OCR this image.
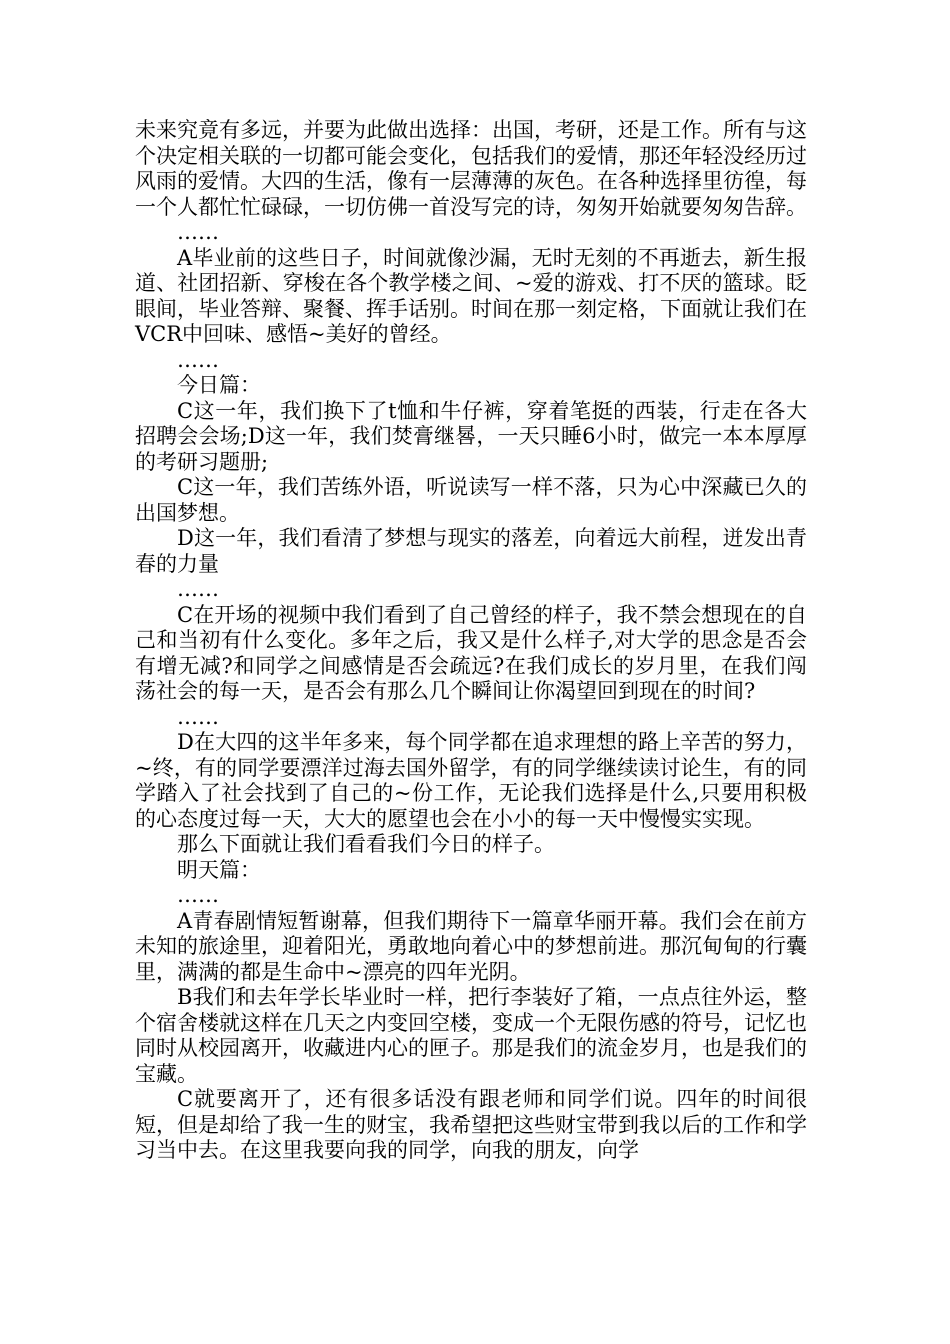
未来究竟有多远，并要为此做出选择：出国，考研，还是工作。所有与这个决定相关联的一切都可能会变化，包括我们的爱情，那还年轻没经历过风雨的爱情。大四的生活，像有一层薄薄的灰色。在各种选择里彷徨，每一个人都忙忙碌碌，一切仿佛一首没写完的诗，匆匆开始就要匆匆告辞。

……

A毕业前的这些日子，时间就像沙漏，无时无刻的不再逝去，新生报道、社团招新、穿梭在各个教学楼之间、~爱的游戏、打不厌的篮球。眨眼间，毕业答辩、聚餐、挥手话别。时间在那一刻定格，下面就让我们在VCR中回味、感悟~美好的曾经。

……

今日篇：

C这一年，我们换下了t恤和牛仔裤，穿着笔挺的西装，行走在各大招聘会会场;D这一年，我们焚膏继晷，一天只睡6小时，做完一本本厚厚的考研习题册;

C这一年，我们苦练外语，听说读写一样不落，只为心中深藏已久的出国梦想。

D这一年，我们看清了梦想与现实的落差，向着远大前程，迸发出青春的力量

……

C在开场的视频中我们看到了自己曾经的样子，我不禁会想现在的自己和当初有什么变化。多年之后，我又是什么样子,对大学的思念是否会有增无减?和同学之间感情是否会疏远?在我们成长的岁月里，在我们闯荡社会的每一天，是否会有那么几个瞬间让你渴望回到现在的时间?

……

D在大四的这半年多来，每个同学都在追求理想的路上辛苦的努力，~终，有的同学要漂洋过海去国外留学，有的同学继续读讨论生，有的同学踏入了社会找到了自己的~份工作，无论我们选择是什么,只要用积极的心态度过每一天，大大的愿望也会在小小的每一天中慢慢实实现。

那么下面就让我们看看我们今日的样子。

明天篇：

……

A青春剧情短暂谢幕，但我们期待下一篇章华丽开幕。我们会在前方未知的旅途里，迎着阳光，勇敢地向着心中的梦想前进。那沉甸甸的行囊里，满满的都是生命中~漂亮的四年光阴。

B我们和去年学长毕业时一样，把行李装好了箱，一点点往外运，整个宿舍楼就这样在几天之内变回空楼，变成一个无限伤感的符号，记忆也同时从校园离开，收藏进内心的匣子。那是我们的流金岁月，也是我们的宝藏。

C就要离开了，还有很多话没有跟老师和同学们说。四年的时间很短，但是却给了我一生的财宝，我希望把这些财宝带到我以后的工作和学习当中去。在这里我要向我的同学，向我的朋友，向学
